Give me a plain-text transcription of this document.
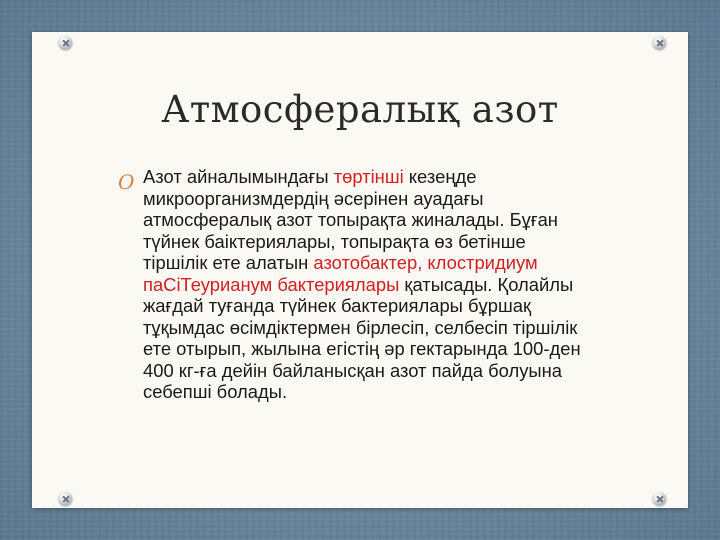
Атмосфералық азот
O Азот айналымындағы төртінші кезеңде микроорганизмдердің әсерінен ауадағы атмосфералық азот топырақта жиналады. Бұған түйнек баіктериялары, топырақта өз бетінше тіршілік ете алатын азотобактер, клостридиум паСіТеурианум бактериялары қатысады. Қолайлы жағдай туғанда түйнек бактериялары бұршақ тұқымдас өсімдіктермен бірлесіп, селбесіп тіршілік ете отырып, жылына егістің әр гектарында 100-ден 400 кг-ға дейін байланысқан азот пайда болуына себепші болады.
